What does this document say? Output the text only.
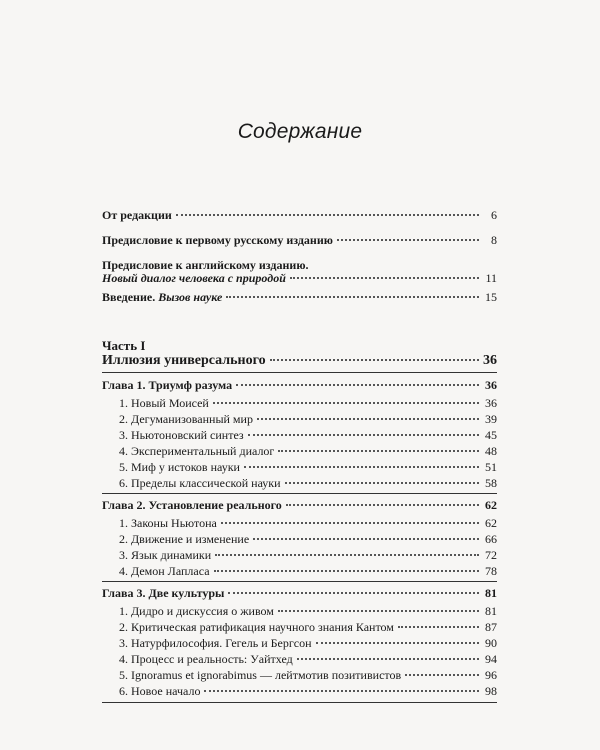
Содержание
От редакции	6
Предисловие к первому русскому изданию	8
Предисловие к английскому изданию.
Новый диалог человека с природой	11
Введение. Вызов науке	15
Часть I
Иллюзия универсального	36
Глава 1. Триумф разума	36
1. Новый Моисей	36
2. Дегуманизованный мир	39
3. Ньютоновский синтез	45
4. Экспериментальный диалог	48
5. Миф у истоков науки	51
6. Пределы классической науки	58
Глава 2. Установление реального	62
1. Законы Ньютона	62
2. Движение и изменение	66
3. Язык динамики	72
4. Демон Лапласа	78
Глава 3. Две культуры	81
1. Дидро и дискуссия о живом	81
2. Критическая ратификация научного знания Кантом	87
3. Натурфилософия. Гегель и Бергсон	90
4. Процесс и реальность: Уайтхед	94
5. Ignoramus et ignorabimus — лейтмотив позитивистов	96
6. Новое начало	98
